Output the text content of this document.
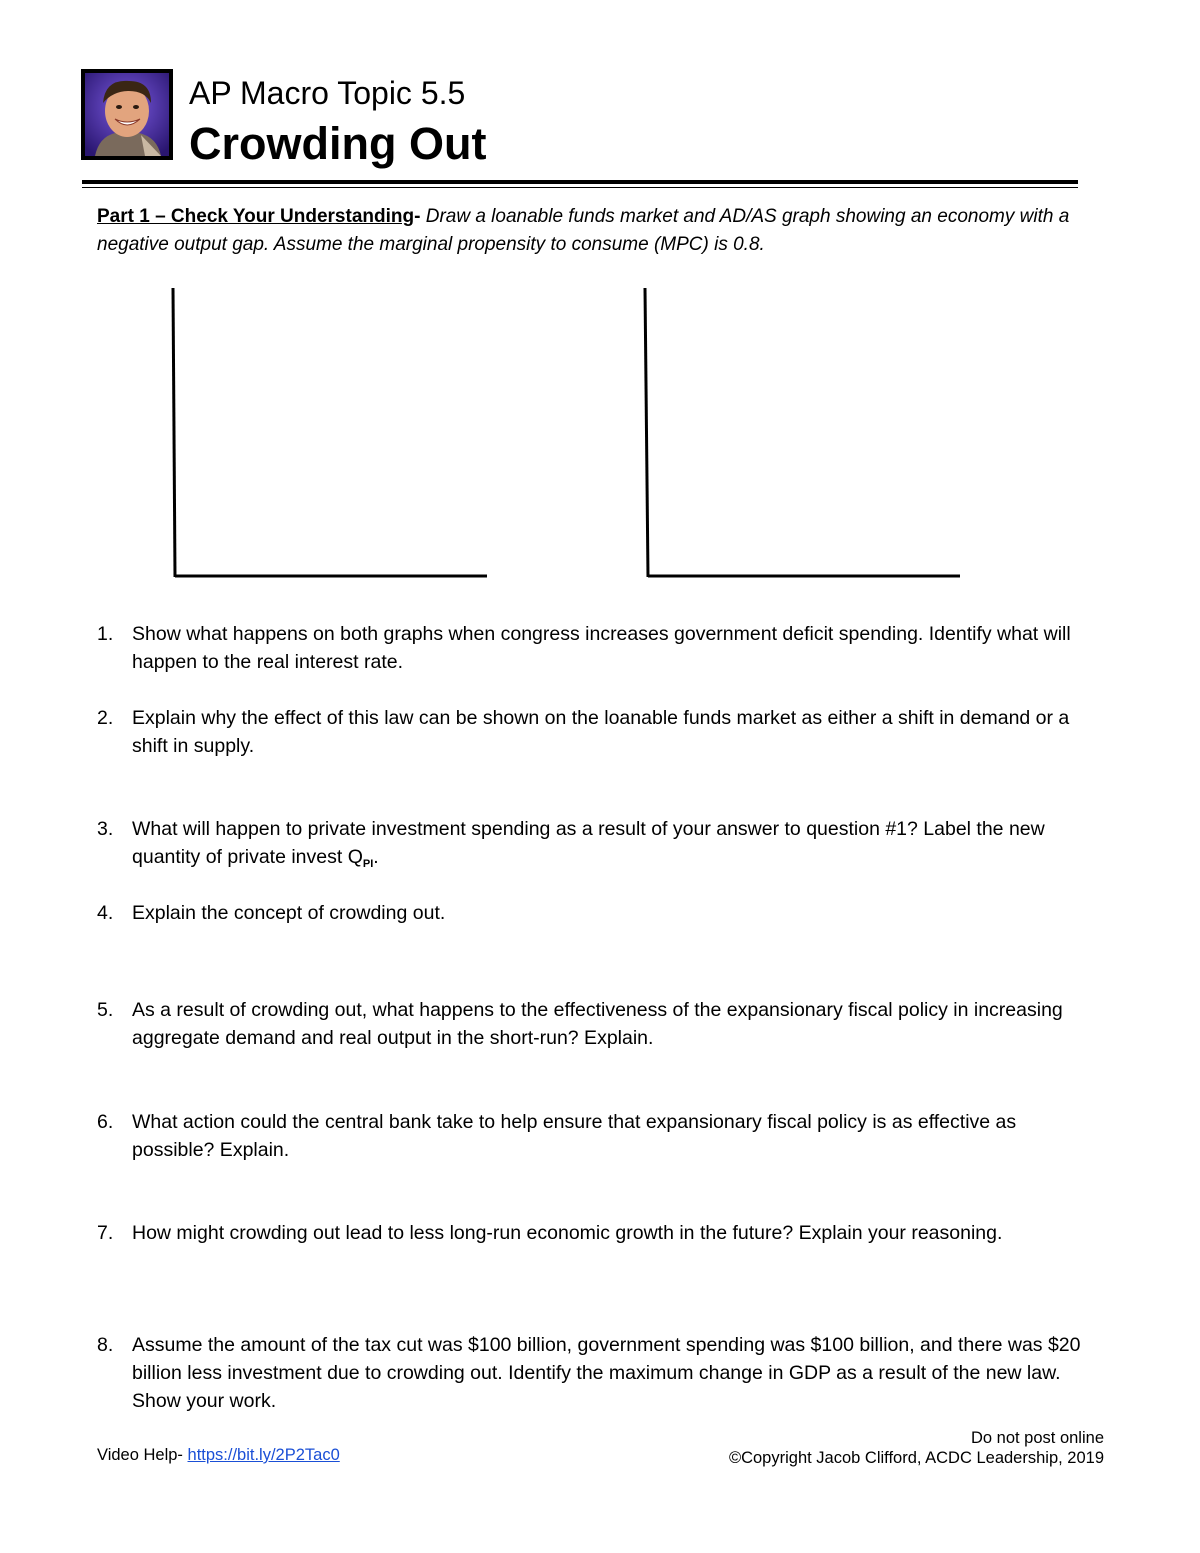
AP Macro Topic 5.5
Crowding Out
Part 1 – Check Your Understanding- Draw a loanable funds market and AD/AS graph showing an economy with a negative output gap. Assume the marginal propensity to consume (MPC) is 0.8.
1. Show what happens on both graphs when congress increases government deficit spending. Identify what will happen to the real interest rate.
2. Explain why the effect of this law can be shown on the loanable funds market as either a shift in demand or a shift in supply.
3. What will happen to private investment spending as a result of your answer to question #1? Label the new quantity of private invest $Q_{PI}$.
4. Explain the concept of crowding out.
5. As a result of crowding out, what happens to the effectiveness of the expansionary fiscal policy in increasing aggregate demand and real output in the short-run? Explain.
6. What action could the central bank take to help ensure that expansionary fiscal policy is as effective as possible? Explain.
7. How might crowding out lead to less long-run economic growth in the future? Explain your reasoning.
8. Assume the amount of the tax cut was $100 billion, government spending was $100 billion, and there was $20 billion less investment due to crowding out. Identify the maximum change in GDP as a result of the new law. Show your work.
Video Help- https://bit.ly/2P2Tac0
Do not post online
©Copyright Jacob Clifford, ACDC Leadership, 2019
